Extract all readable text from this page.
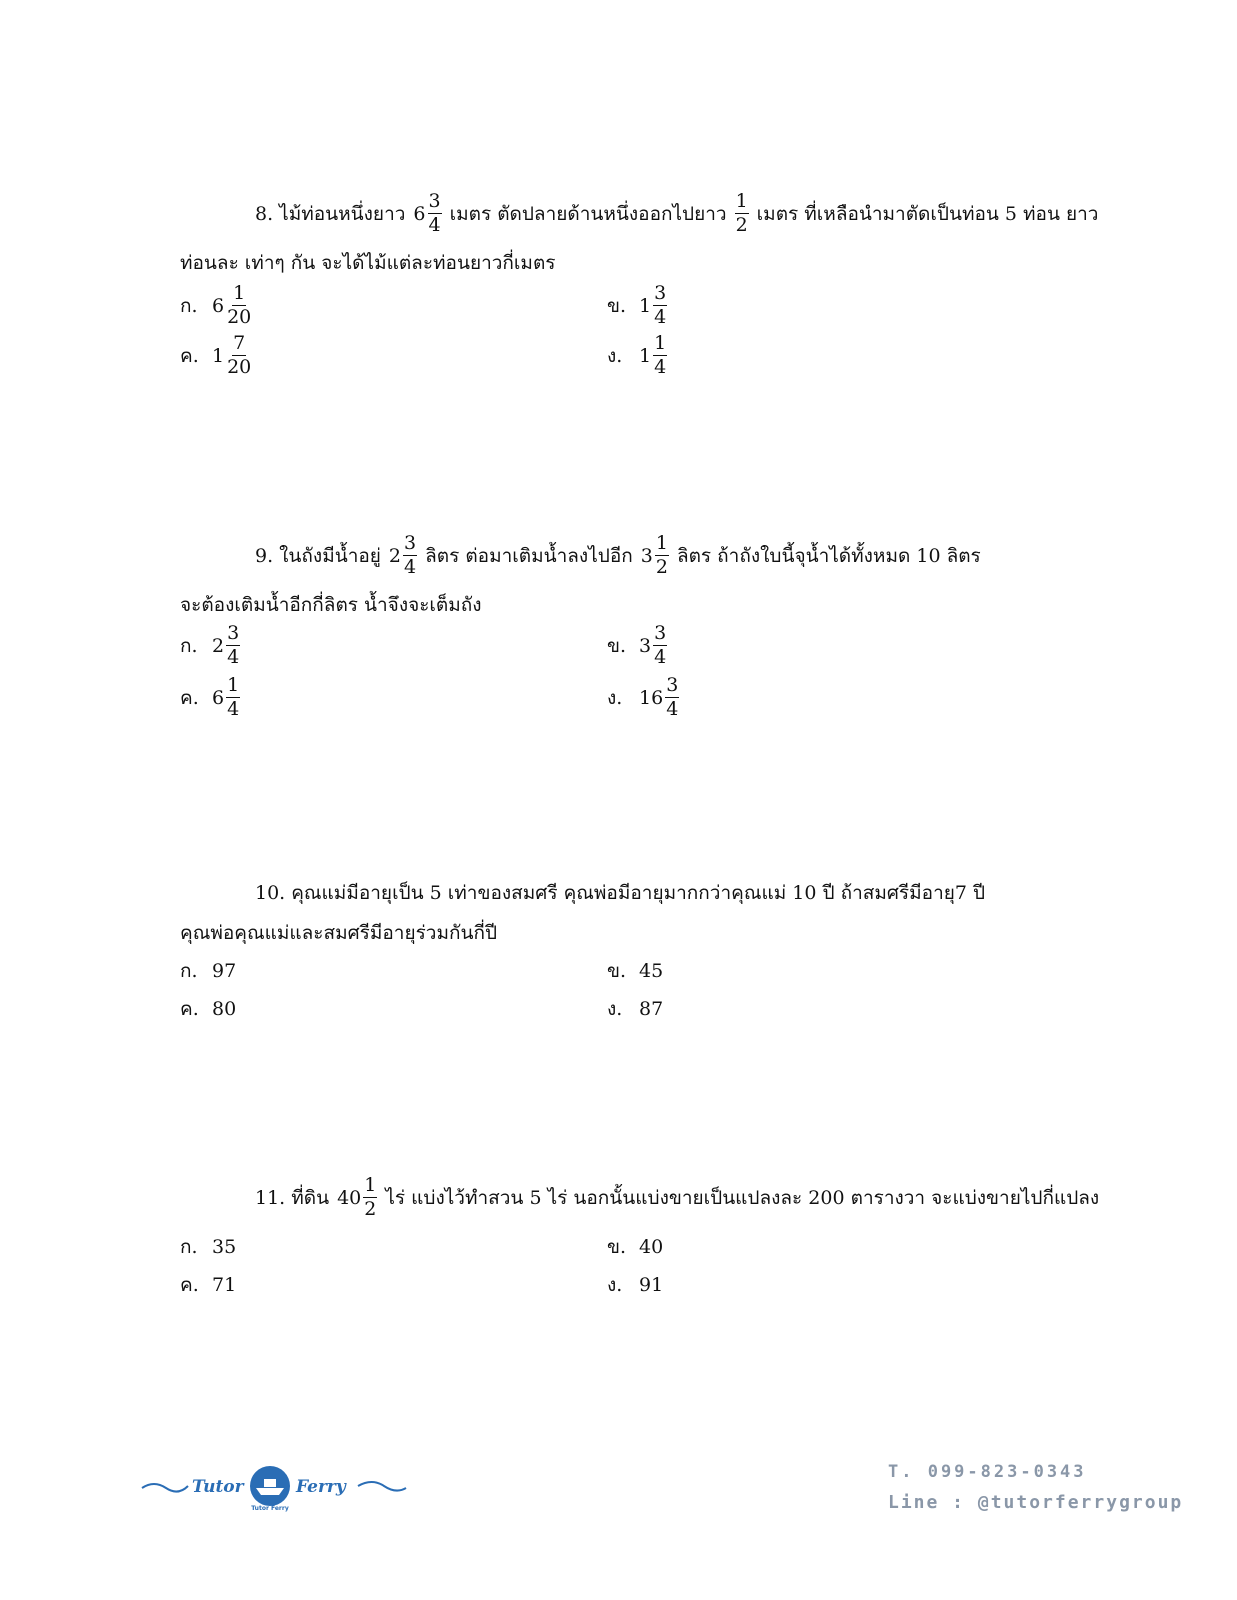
8. ไม้ท่อนหนึ่งยาว $6 \frac{3}{4}$ เมตร ตัดปลายด้านหนึ่งออกไปยาว $\frac{1}{2}$ เมตร ที่เหลือนำมาตัดเป็นท่อน 5 ท่อน ยาว
ท่อนละ เท่าๆ กัน จะได้ไม้แต่ละท่อนยาวกี่เมตร
ก. $6 \frac{1}{20}$	ข. $1 \frac{3}{4}$
ค. $1 \frac{7}{20}$	ง. $1 \frac{1}{4}$
9. ในถังมีน้ำอยู่ $2 \frac{3}{4}$ ลิตร ต่อมาเติมน้ำลงไปอีก $3 \frac{1}{2}$ ลิตร ถ้าถังใบนี้จุน้ำได้ทั้งหมด 10 ลิตร
จะต้องเติมน้ำอีกกี่ลิตร น้ำจึงจะเต็มถัง
ก. $2 \frac{3}{4}$	ข. $3 \frac{3}{4}$
ค. $6 \frac{1}{4}$	ง. $16 \frac{3}{4}$
10. คุณแม่มีอายุเป็น 5 เท่าของสมศรี คุณพ่อมีอายุมากกว่าคุณแม่ 10 ปี ถ้าสมศรีมีอายุ7 ปี
คุณพ่อคุณแม่และสมศรีมีอายุร่วมกันกี่ปี
ก. 97	ข. 45
ค. 80	ง. 87
11. ที่ดิน $40 \frac{1}{2}$ ไร่ แบ่งไว้ทำสวน 5 ไร่ นอกนั้นแบ่งขายเป็นแปลงละ 200 ตารางวา จะแบ่งขายไปกี่แปลง
ก. 35	ข. 40
ค. 71	ง. 91
Tutor
Tutor Ferry
Ferry
T. 099-823-0343
Line : @tutorferrygroup
